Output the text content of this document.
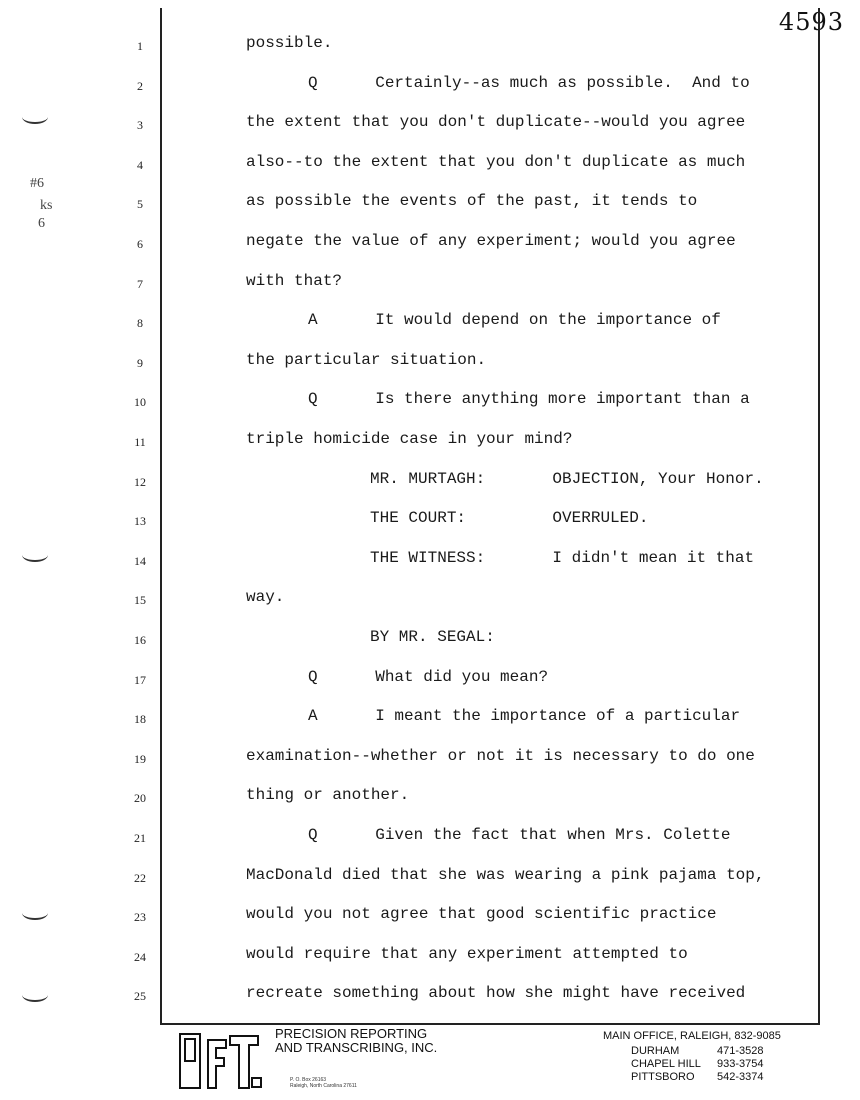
4593
#6
ks
6
1	possible.
2	Q      Certainly--as much as possible.  And to
3	the extent that you don't duplicate--would you agree
4	also--to the extent that you don't duplicate as much
5	as possible the events of the past, it tends to
6	negate the value of any experiment; would you agree
7	with that?
8	A      It would depend on the importance of
9	the particular situation.
10	Q      Is there anything more important than a
11	triple homicide case in your mind?
12	MR. MURTAGH:       OBJECTION, Your Honor.
13	THE COURT:         OVERRULED.
14	THE WITNESS:       I didn't mean it that
15	way.
16	BY MR. SEGAL:
17	Q      What did you mean?
18	A      I meant the importance of a particular
19	examination--whether or not it is necessary to do one
20	thing or another.
21	Q      Given the fact that when Mrs. Colette
22	MacDonald died that she was wearing a pink pajama top,
23	would you not agree that good scientific practice
24	would require that any experiment attempted to
25	recreate something about how she might have received
PRECISION REPORTING
AND TRANSCRIBING, INC.
P. O. Box 26163
Raleigh, North Carolina 27611
MAIN OFFICE, RALEIGH, 832-9085
DURHAM	471-3528
CHAPEL HILL	933-3754
PITTSBORO	542-3374
